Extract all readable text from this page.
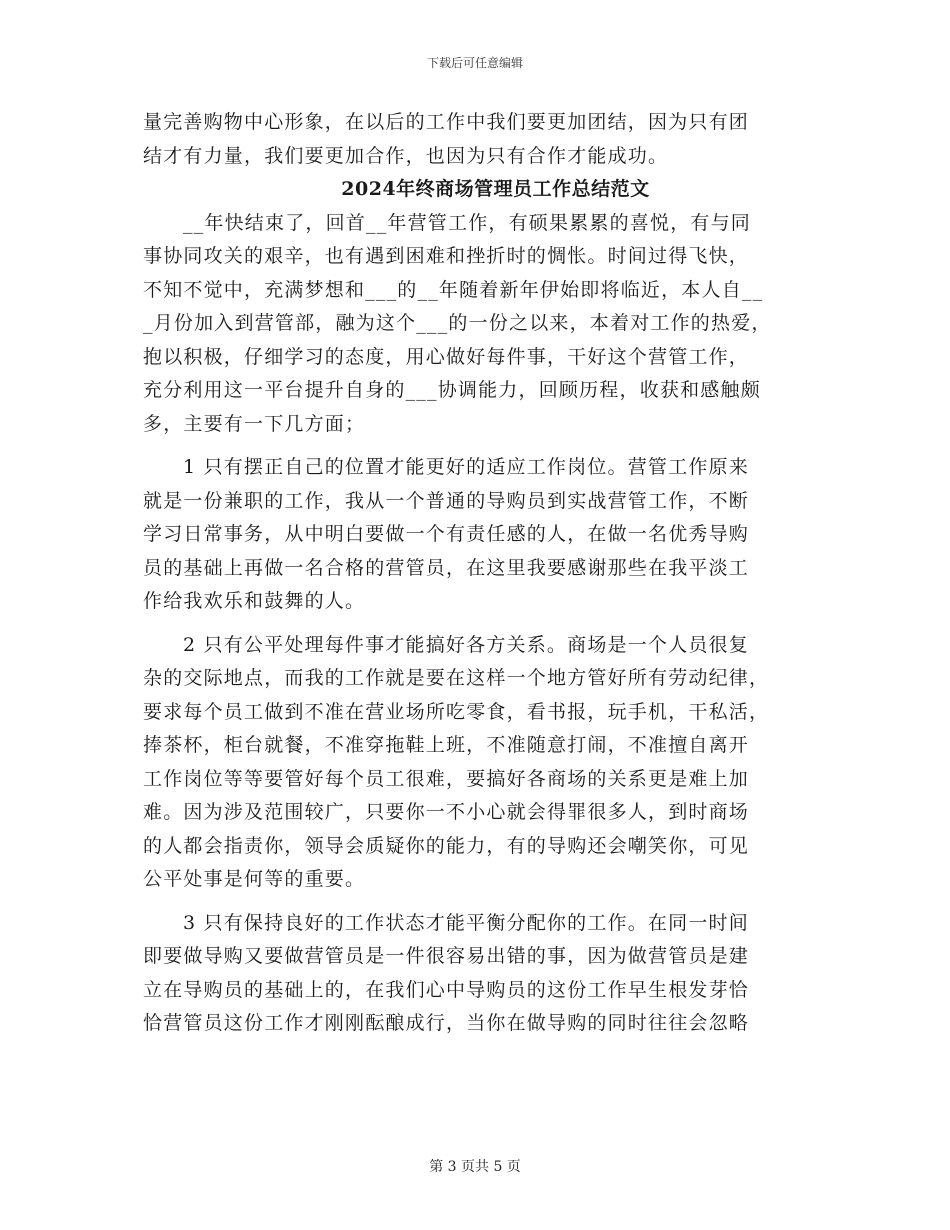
下载后可任意编辑
量完善购物中心形象，在以后的工作中我们要更加团结，因为只有团
结才有力量，我们要更加合作，也因为只有合作才能成功。
2024年终商场管理员工作总结范文
__年快结束了，回首__年营管工作，有硕果累累的喜悦，有与同
事协同攻关的艰辛，也有遇到困难和挫折时的惆怅。时间过得飞快，
不知不觉中，充满梦想和___的__年随着新年伊始即将临近，本人自__
_月份加入到营管部，融为这个___的一份之以来，本着对工作的热爱，
抱以积极，仔细学习的态度，用心做好每件事，干好这个营管工作，
充分利用这一平台提升自身的___协调能力，回顾历程，收获和感触颇
多，主要有一下几方面；
1 只有摆正自己的位置才能更好的适应工作岗位。营管工作原来
就是一份兼职的工作，我从一个普通的导购员到实战营管工作，不断
学习日常事务，从中明白要做一个有责任感的人，在做一名优秀导购
员的基础上再做一名合格的营管员，在这里我要感谢那些在我平淡工
作给我欢乐和鼓舞的人。
2 只有公平处理每件事才能搞好各方关系。商场是一个人员很复
杂的交际地点，而我的工作就是要在这样一个地方管好所有劳动纪律，
要求每个员工做到不准在营业场所吃零食，看书报，玩手机，干私活，
捧茶杯，柜台就餐，不准穿拖鞋上班，不准随意打闹，不准擅自离开
工作岗位等等要管好每个员工很难，要搞好各商场的关系更是难上加
难。因为涉及范围较广，只要你一不小心就会得罪很多人，到时商场
的人都会指责你，领导会质疑你的能力，有的导购还会嘲笑你，可见
公平处事是何等的重要。
3 只有保持良好的工作状态才能平衡分配你的工作。在同一时间
即要做导购又要做营管员是一件很容易出错的事，因为做营管员是建
立在导购员的基础上的，在我们心中导购员的这份工作早生根发芽恰
恰营管员这份工作才刚刚酝酿成行，当你在做导购的同时往往会忽略
第 3 页共 5 页
